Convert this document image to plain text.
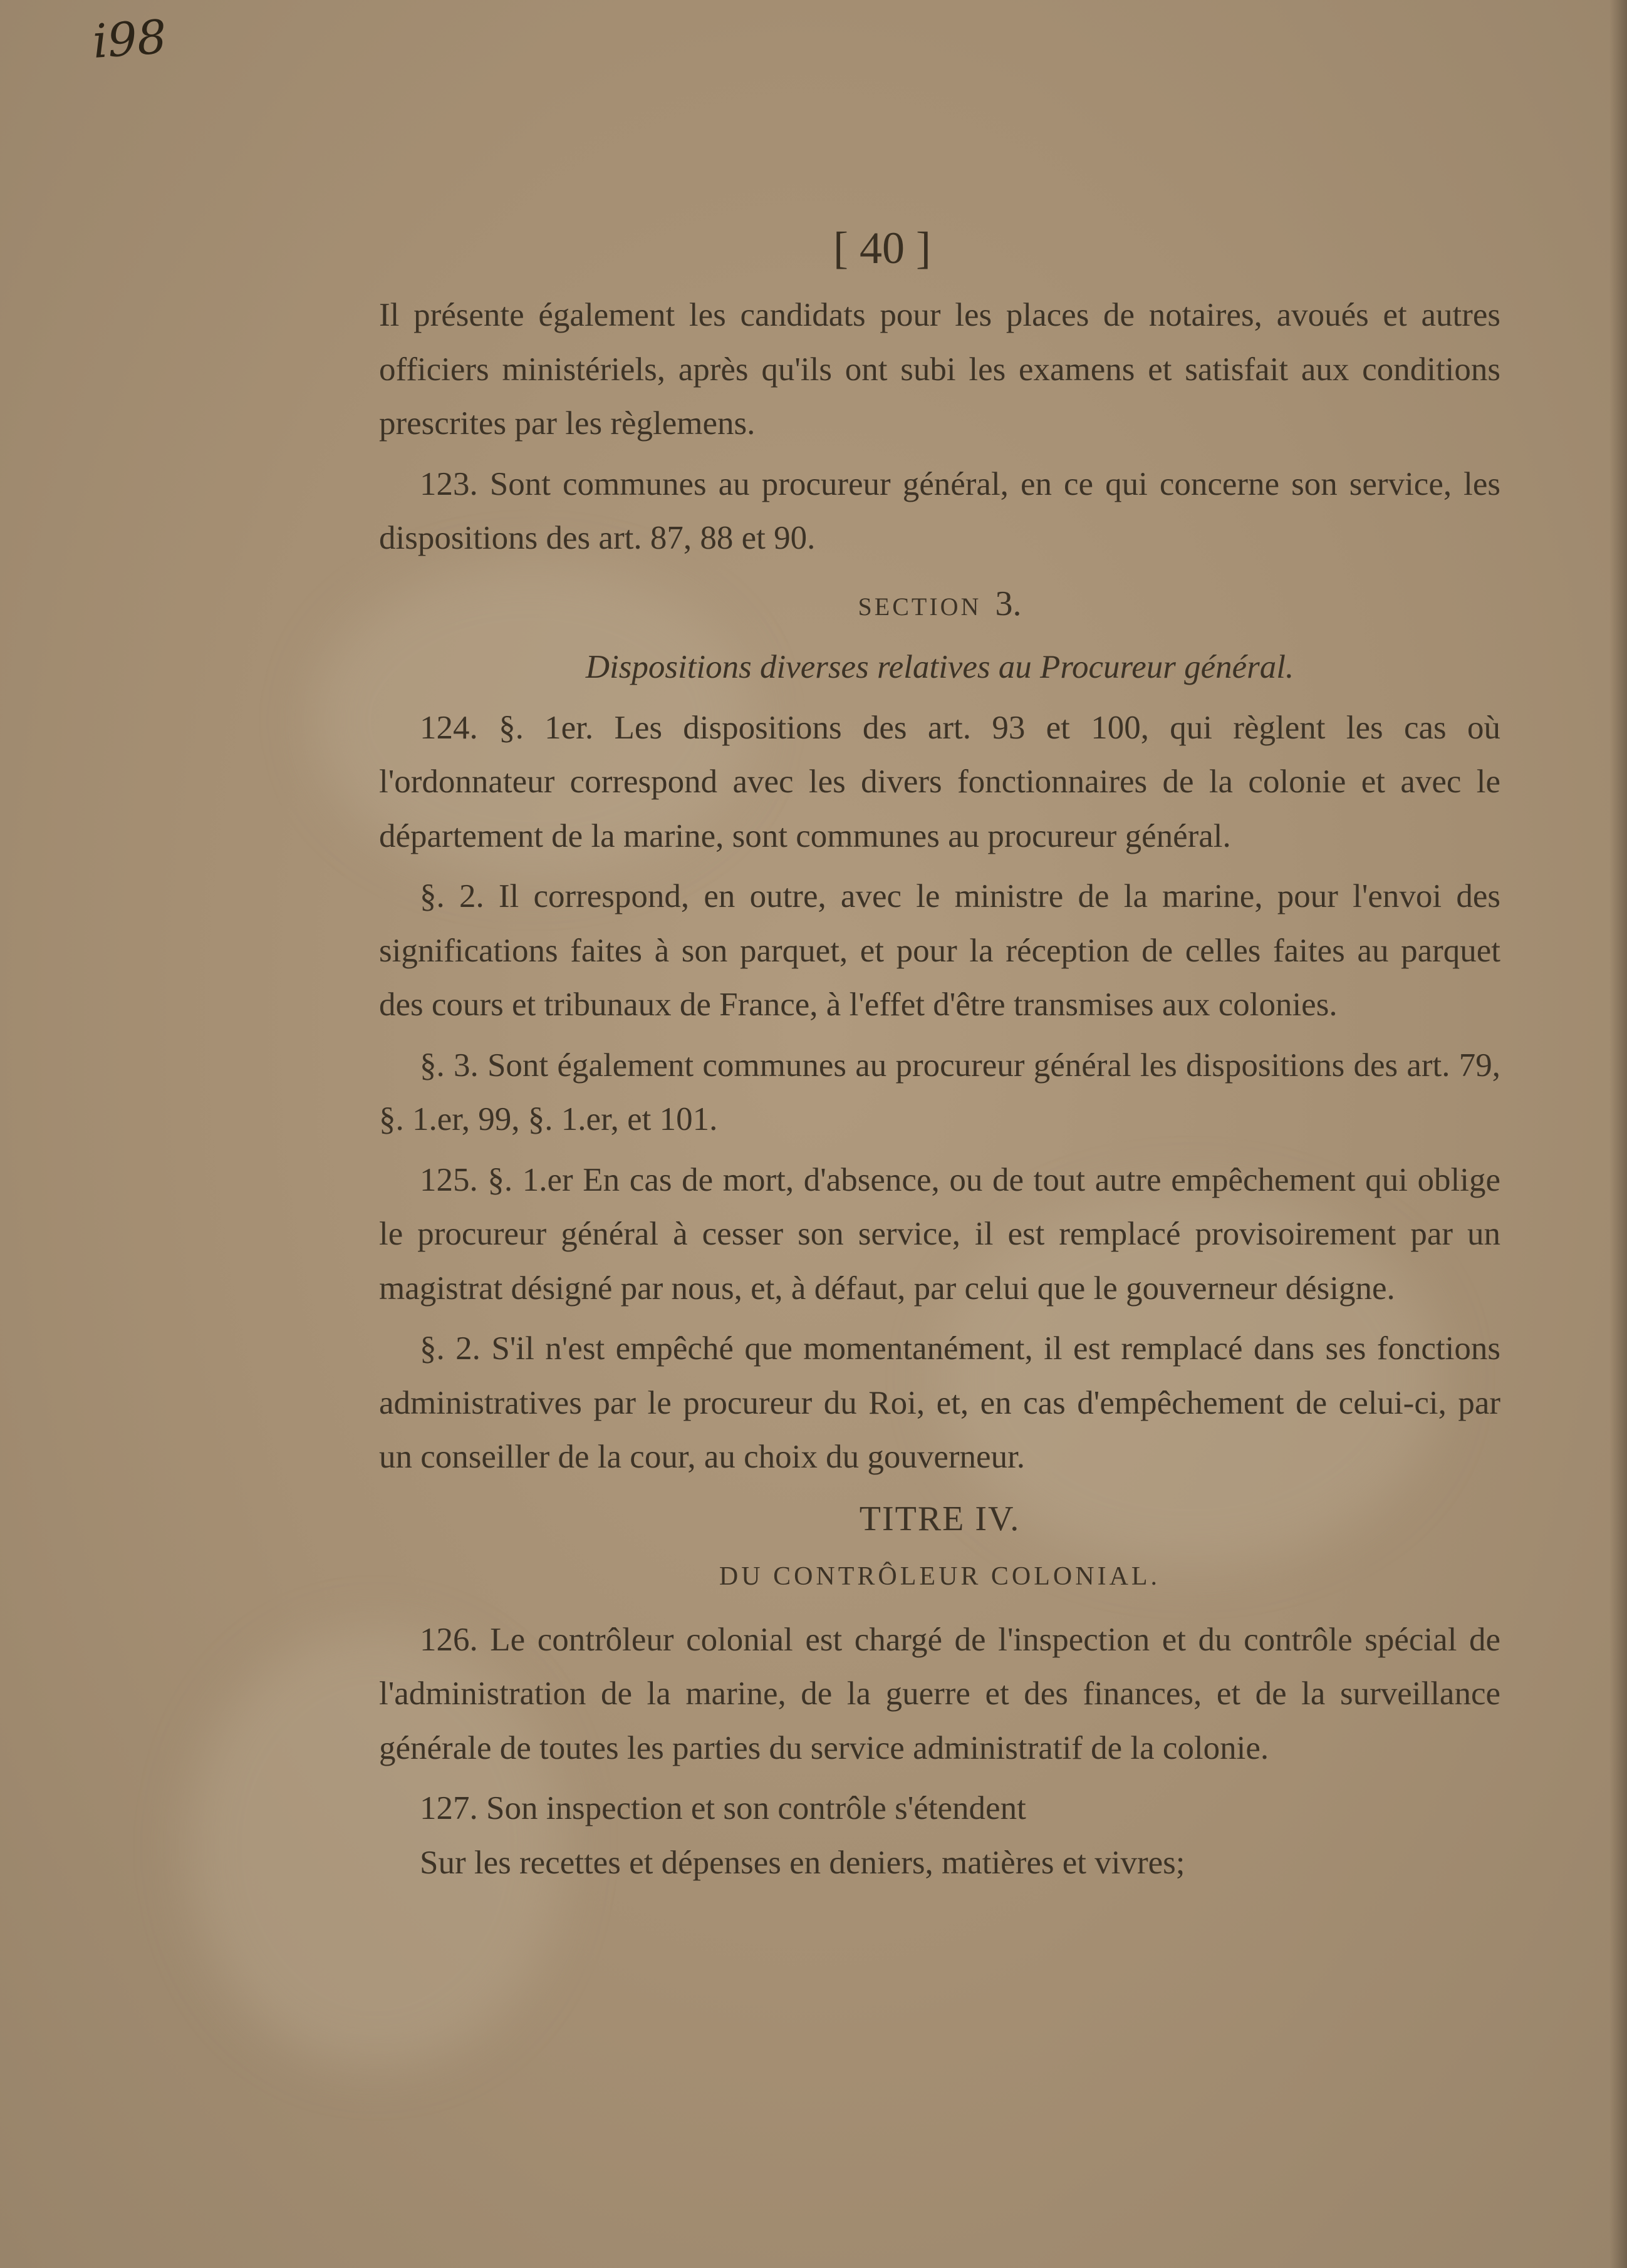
i98
[ 40 ]

Il présente également les candidats pour les places de notaires, avoués et autres officiers ministériels, après qu'ils ont subi les examens et satisfait aux conditions prescrites par les règlemens.

123. Sont communes au procureur général, en ce qui concerne son service, les dispositions des art. 87, 88 et 90.

SECTION 3.

Dispositions diverses relatives au Procureur général.

124. §. 1er. Les dispositions des art. 93 et 100, qui règlent les cas où l'ordonnateur correspond avec les divers fonctionnaires de la colonie et avec le département de la marine, sont communes au procureur général.

§. 2. Il correspond, en outre, avec le ministre de la marine, pour l'envoi des significations faites à son parquet, et pour la réception de celles faites au parquet des cours et tribunaux de France, à l'effet d'être transmises aux colonies.

§. 3. Sont également communes au procureur général les dispositions des art. 79, §. 1.er, 99, §. 1.er, et 101.

125. §. 1.er En cas de mort, d'absence, ou de tout autre empêchement qui oblige le procureur général à cesser son service, il est remplacé provisoirement par un magistrat désigné par nous, et, à défaut, par celui que le gouverneur désigne.

§. 2. S'il n'est empêché que momentanément, il est remplacé dans ses fonctions administratives par le procureur du Roi, et, en cas d'empêchement de celui-ci, par un conseiller de la cour, au choix du gouverneur.

TITRE IV.

DU CONTRÔLEUR COLONIAL.

126. Le contrôleur colonial est chargé de l'inspection et du contrôle spécial de l'administration de la marine, de la guerre et des finances, et de la surveillance générale de toutes les parties du service administratif de la colonie.

127. Son inspection et son contrôle s'étendent

Sur les recettes et dépenses en deniers, matières et vivres;
